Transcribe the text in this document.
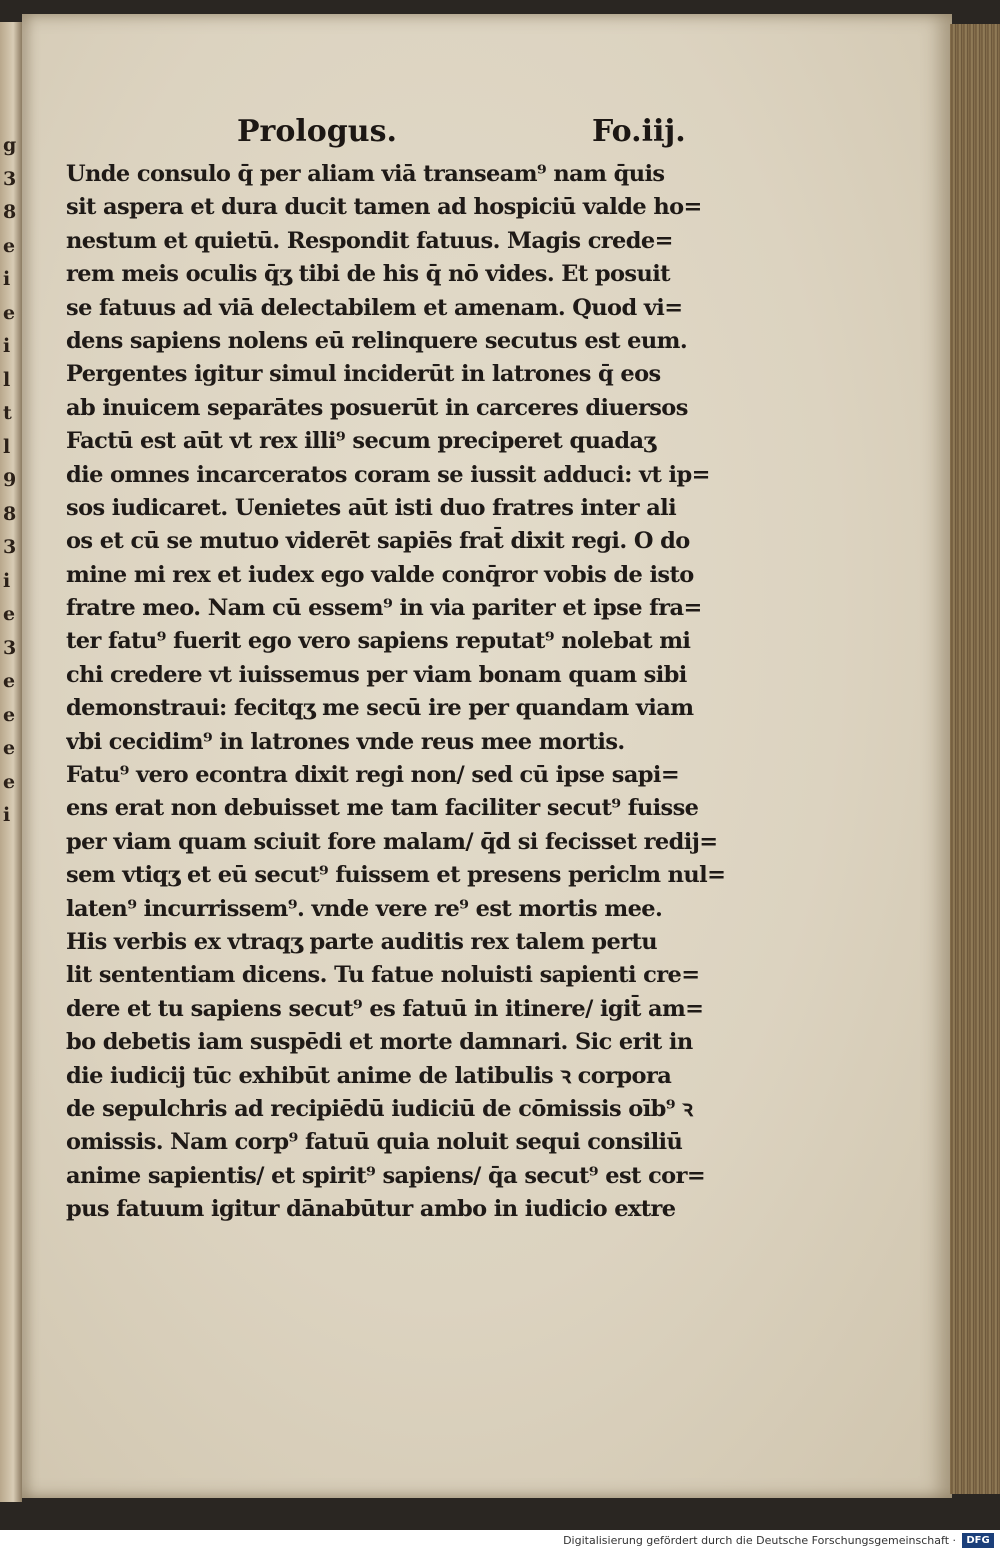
g
3
8
e
i
e
i
l
t
l
9
8
3
i
e
3
e
e
e
e
i
Prologus.	Fo.iij.
Unde consulo q̄ per aliam viā transeam⁹ nam q̄uis
sit aspera et dura ducit tamen ad hospiciū valde ho=
nestum et quietū. Respondit fatuus. Magis crede=
rem meis oculis q̄ʒ tibi de his q̄ nō vides. Et posuit
se fatuus ad viā delectabilem et amenam. Quod vi=
dens sapiens nolens eū relinquere secutus est eum.
Pergentes igitur simul inciderūt in latrones q̄ eos
ab inuicem separātes posuerūt in carceres diuersos
Factū est aūt vt rex illi⁹ secum preciperet quadaʒ
die omnes incarceratos coram se iussit adduci: vt ip=
sos iudicaret. Uenietes aūt isti duo fratres inter ali
os et cū se mutuo viderēt sapiēs frat̄ dixit regi. O do
mine mi rex et iudex ego valde conq̄ror vobis de isto
fratre meo. Nam cū essem⁹ in via pariter et ipse fra=
ter fatu⁹ fuerit ego vero sapiens reputat⁹ nolebat mi
chi credere vt iuissemus per viam bonam quam sibi
demonstraui: fecitqʒ me secū ire per quandam viam
vbi cecidim⁹ in latrones vnde reus mee mortis.
Fatu⁹ vero econtra dixit regi non/ sed cū ipse sapi=
ens erat non debuisset me tam faciliter secut⁹ fuisse
per viam quam sciuit fore malam/ q̄d si fecisset redij=
sem vtiqʒ et eū secut⁹ fuissem et presens periclm nul=
laten⁹ incurrissem⁹. vnde vere re⁹ est mortis mee.
His verbis ex vtraqʒ parte auditis rex talem pertu
lit sententiam dicens. Tu fatue noluisti sapienti cre=
dere et tu sapiens secut⁹ es fatuū in itinere/ igit̄ am=
bo debetis iam suspēdi et morte damnari. Sic erit in
die iudicij tūc exhibūt anime de latibulis ꝛ corpora
de sepulchris ad recipiēdū iudiciū de cōmissis oīb⁹ ꝛ
omissis. Nam corp⁹ fatuū quia noluit sequi consiliū
anime sapientis/ et spirit⁹ sapiens/ q̄a secut⁹ est cor=
pus fatuum igitur dānabūtur ambo in iudicio extre
Digitalisierung gefördert durch die Deutsche Forschungsgemeinschaft ·	DFG
